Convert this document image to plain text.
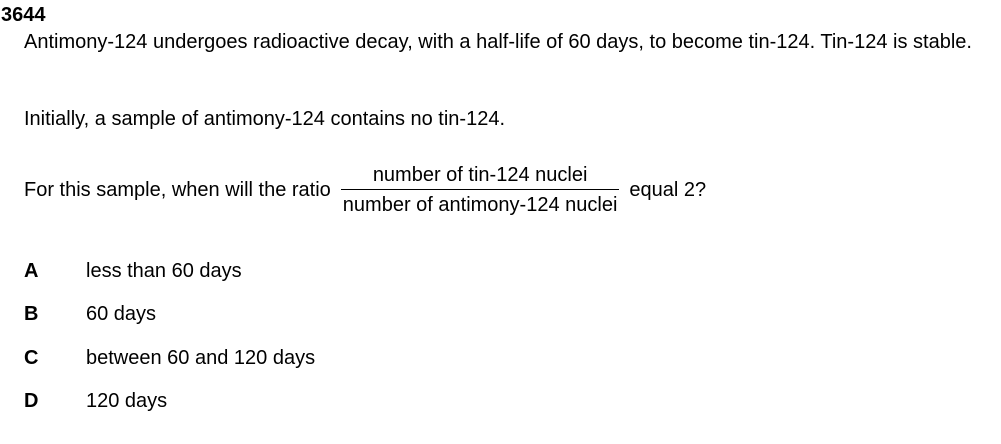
3644

Antimony-124 undergoes radioactive decay, with a half-life of 60 days, to become tin-124. Tin-124 is stable.

Initially, a sample of antimony-124 contains no tin-124.

For this sample, when will the ratio $\frac{\text{number of tin-124 nuclei}}{\text{number of antimony-124 nuclei}}$ equal 2?
A	less than 60 days
B	60 days
C	between 60 and 120 days
D	120 days
